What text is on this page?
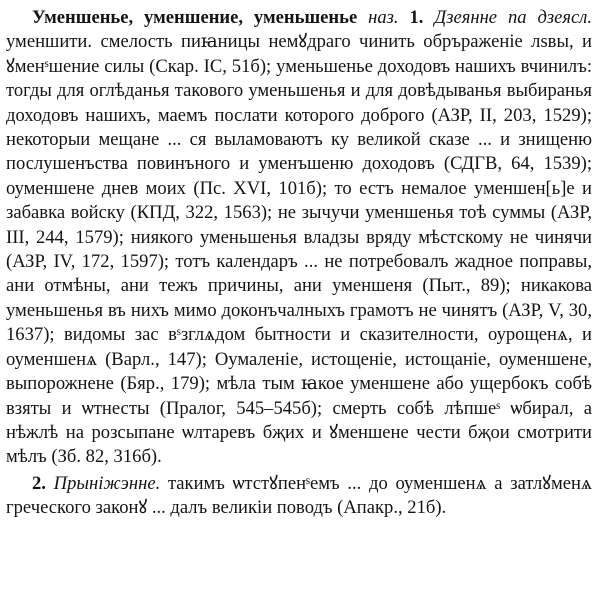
Уменшенье, уменшение, уменьшенье наз. 1. Дзеянне па дзеясл. уменшити. смелость пиꙗницы немꙋдраго чинить обръраженiе лѕвы, и ꙋменˢшение силы (Скар. ІС, 51б); уменьшенье доходовъ нашихъ вчинилъ: тогды для оглѣданья такового уменьшенья и для довѣдыванья выбиранья доходовъ нашихъ, маемъ послати которого доброго (АЗР, II, 203, 1529); некоторыи мещане ... ся выламоваютъ ку великой сказе ... и знищеню послушенъства повинъного и уменъшеню доходовъ (СДГВ, 64, 1539); оуменшене днев моих (Пс. XVI, 101б); то естъ немалое уменшен[ь]е и забавка войску (КПД, 322, 1563); не зычучи уменшенья тоѣ суммы (АЗР, III, 244, 1579); ниякого уменьшенья владзы вряду мѣстскому не чинячи (АЗР, IV, 172, 1597); тотъ календаръ ... не потребовалъ жадное поправы, ани отмѣны, ани тежъ причины, ани уменшеня (Пыт., 89); никакова уменьшенья въ нихъ мимо доконъчалныхъ грамотъ не чинятъ (АЗР, V, 30, 1637); видомы зас вˢзглѧдом бытности и сказителности, оурощенѧ, и оуменшенѧ (Варл., 147); Оумаленiе, истощенiе, истощанiе, оуменшене, выпорожнене (Бяр., 179); мѣла тым ꙗкое уменшене або ущербокъ собѣ взяты и ѡтнесты (Пралог, 545–545б); смерть собѣ лѣпшеˢ ѡбирал, а нѣжлѣ на розсыпане ѡлтаревъ бҗих и ꙋменшене чести бҗои смотрити мѣлъ (Зб. 82, 316б).

2. Прыніжэнне. такимъ ѡтстꙋпенˢемъ ... до оуменшенѧ а затлꙋменѧ греческого законꙋ ... далъ великiи поводъ (Апакр., 21б).
